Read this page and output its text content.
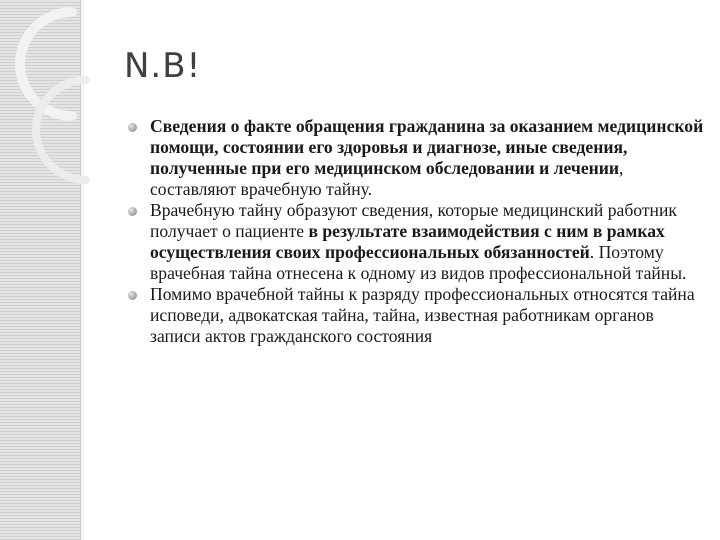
N.B!
Сведения о факте обращения гражданина за оказанием медицинской помощи, состоянии его здоровья и диагнозе, иные сведения, полученные при его медицинском обследовании и лечении, составляют врачебную тайну.
Врачебную тайну образуют сведения, которые медицинский работник получает о пациенте в результате взаимодействия с ним в рамках осуществления своих профессиональных обязанностей. Поэтому врачебная тайна отнесена к одному из видов профессиональной тайны.
Помимо врачебной тайны к разряду профессиональных относятся тайна исповеди, адвокатская тайна, тайна, известная работникам органов записи актов гражданского состояния
